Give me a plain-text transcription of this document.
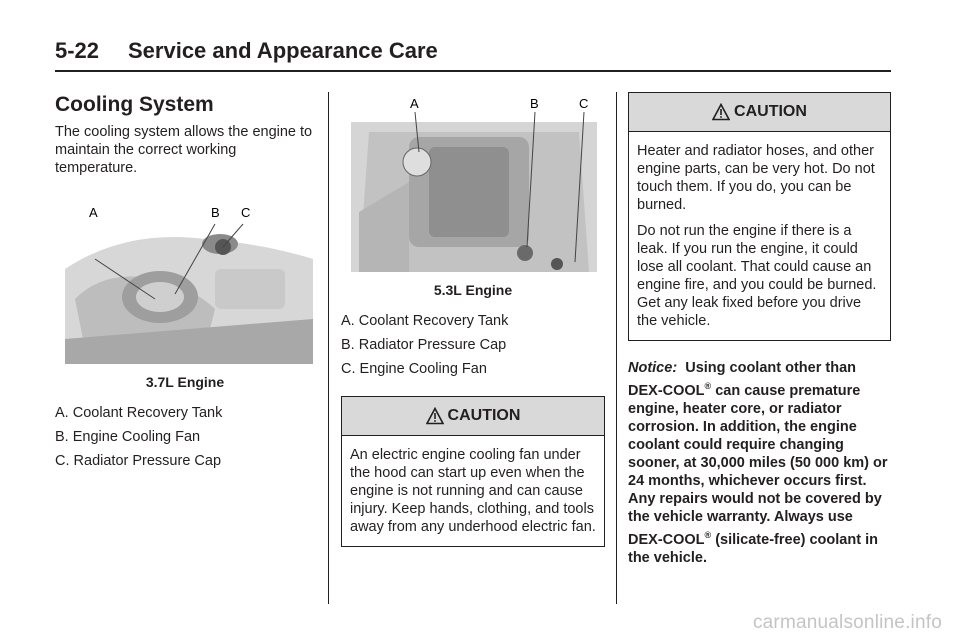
5-22 Service and Appearance Care
Cooling System

The cooling system allows the engine to maintain the correct working temperature.

A	B C
3.7L Engine
A. Coolant Recovery Tank
B. Engine Cooling Fan
C. Radiator Pressure Cap
A	B	C
5.3L Engine
A. Coolant Recovery Tank
B. Radiator Pressure Cap
C. Engine Cooling Fan
CAUTION

An electric engine cooling fan under the hood can start up even when the engine is not running and can cause injury. Keep hands, clothing, and tools away from any underhood electric fan.

CAUTION

Heater and radiator hoses, and other engine parts, can be very hot. Do not touch them. If you do, you can be burned.

Do not run the engine if there is a leak. If you run the engine, it could lose all coolant. That could cause an engine fire, and you could be burned. Get any leak fixed before you drive the vehicle.

Notice: Using coolant other than DEX-COOL® can cause premature engine, heater core, or radiator corrosion. In addition, the engine coolant could require changing sooner, at 30,000 miles (50 000 km) or 24 months, whichever occurs first. Any repairs would not be covered by the vehicle warranty. Always use DEX-COOL® (silicate-free) coolant in the vehicle.
carmanualsonline.info
